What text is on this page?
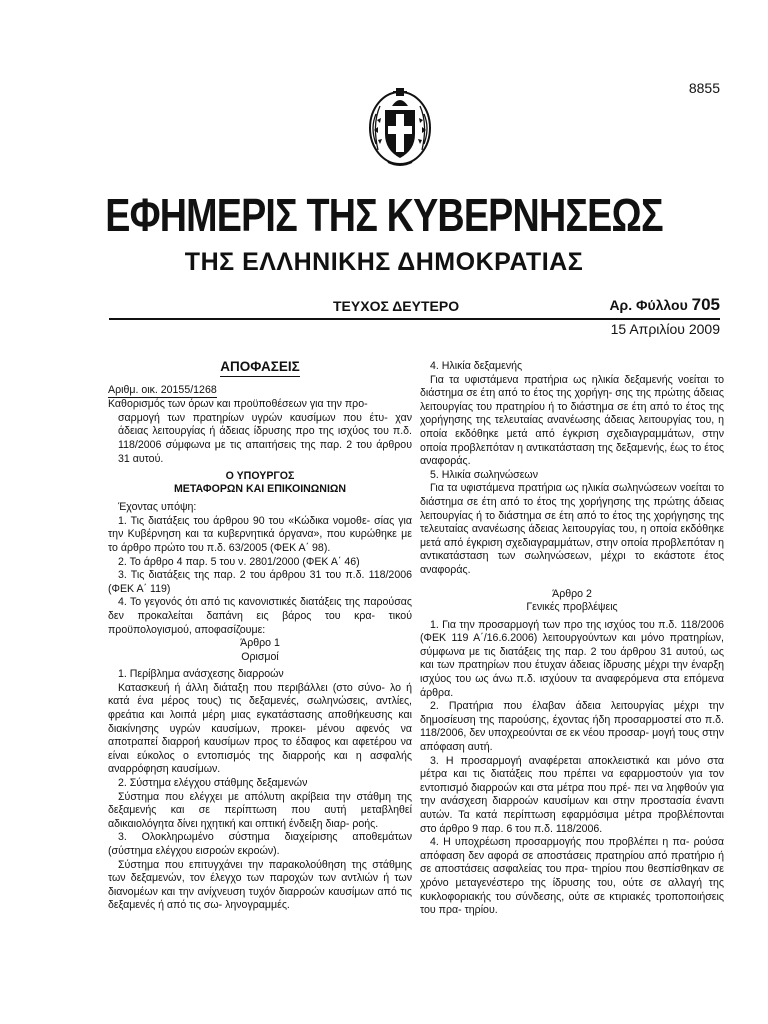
8855
ΕΦΗΜΕΡΙΣ ΤΗΣ ΚΥΒΕΡΝΗΣΕΩΣ
ΤΗΣ ΕΛΛΗΝΙΚΗΣ ΔΗΜΟΚΡΑΤΙΑΣ
ΤΕΥΧΟΣ ΔΕΥΤΕΡΟ	Αρ. Φύλλου 705
15 Απριλίου 2009
ΑΠΟΦΑΣΕΙΣ

Αριθμ. οικ. 20155/1268

Καθορισμός των όρων και προϋποθέσεων για την προ-

σαρμογή των πρατηρίων υγρών καυσίμων που έτυ- χαν άδειας λειτουργίας ή άδειας ίδρυσης προ της ισχύος του π.δ. 118/2006 σύμφωνα με τις απαιτήσεις της παρ. 2 του άρθρου 31 αυτού.

Ο ΥΠΟΥΡΓΟΣ
ΜΕΤΑΦΟΡΩΝ ΚΑΙ ΕΠΙΚΟΙΝΩΝΙΩΝ

Έχοντας υπόψη:

1. Τις διατάξεις του άρθρου 90 του «Κώδικα νομοθε- σίας για την Κυβέρνηση και τα κυβερνητικά όργανα», που κυρώθηκε με το άρθρο πρώτο του π.δ. 63/2005 (ΦΕΚ Α΄ 98).

2. Το άρθρο 4 παρ. 5 του ν. 2801/2000 (ΦΕΚ Α΄ 46)

3. Τις διατάξεις της παρ. 2 του άρθρου 31 του π.δ. 118/2006 (ΦΕΚ Α΄ 119)

4. Το γεγονός ότι από τις κανονιστικές διατάξεις της παρούσας δεν προκαλείται δαπάνη εις βάρος του κρα- τικού προϋπολογισμού, αποφασίζουμε:

Άρθρο 1

Ορισμοί

1. Περίβλημα ανάσχεσης διαρροών

Κατασκευή ή άλλη διάταξη που περιβάλλει (στο σύνο- λο ή κατά ένα μέρος τους) τις δεξαμενές, σωληνώσεις, αντλίες, φρεάτια και λοιπά μέρη μιας εγκατάστασης αποθήκευσης και διακίνησης υγρών καυσίμων, προκει- μένου αφενός να αποτραπεί διαρροή καυσίμων προς το έδαφος και αφετέρου να είναι εύκολος ο εντοπισμός της διαρροής και η ασφαλής αναρρόφηση καυσίμων.

2. Σύστημα ελέγχου στάθμης δεξαμενών

Σύστημα που ελέγχει με απόλυτη ακρίβεια την στάθμη της δεξαμενής και σε περίπτωση που αυτή μεταβληθεί αδικαιολόγητα δίνει ηχητική και οπτική ένδειξη διαρ- ροής.

3. Ολοκληρωμένο σύστημα διαχείρισης αποθεμάτων (σύστημα ελέγχου εισροών εκροών).

Σύστημα που επιτυγχάνει την παρακολούθηση της στάθμης των δεξαμενών, τον έλεγχο των παροχών των αντλιών ή των διανομέων και την ανίχνευση τυχόν διαρροών καυσίμων από τις δεξαμενές ή από τις σω- ληνογραμμές.

4. Ηλικία δεξαμενής

Για τα υφιστάμενα πρατήρια ως ηλικία δεξαμενής νοείται το διάστημα σε έτη από το έτος της χορήγη- σης της πρώτης άδειας λειτουργίας του πρατηρίου ή το διάστημα σε έτη από το έτος της χορήγησης της τελευταίας ανανέωσης άδειας λειτουργίας του, η οποία εκδόθηκε μετά από έγκριση σχεδιαγραμμάτων, στην οποία προβλεπόταν η αντικατάσταση της δεξαμενής, έως το έτος αναφοράς.

5. Ηλικία σωληνώσεων

Για τα υφιστάμενα πρατήρια ως ηλικία σωληνώσεων νοείται το διάστημα σε έτη από το έτος της χορήγησης της πρώτης άδειας λειτουργίας ή το διάστημα σε έτη από το έτος της χορήγησης της τελευταίας ανανέωσης άδειας λειτουργίας του, η οποία εκδόθηκε μετά από έγκριση σχεδιαγραμμάτων, στην οποία προβλεπόταν η αντικατάσταση των σωληνώσεων, μέχρι το εκάστοτε έτος αναφοράς.

Άρθρο 2

Γενικές προβλέψεις

1. Για την προσαρμογή των προ της ισχύος του π.δ. 118/2006 (ΦΕΚ 119 Α΄/16.6.2006) λειτουργούντων και μόνο πρατηρίων, σύμφωνα με τις διατάξεις της παρ. 2 του άρθρου 31 αυτού, ως και των πρατηρίων που έτυχαν άδειας ίδρυσης μέχρι την έναρξη ισχύος του ως άνω π.δ. ισχύουν τα αναφερόμενα στα επόμενα άρθρα.

2. Πρατήρια που έλαβαν άδεια λειτουργίας μέχρι την δημοσίευση της παρούσης, έχοντας ήδη προσαρμοστεί στο π.δ. 118/2006, δεν υποχρεούνται σε εκ νέου προσαρ- μογή τους στην απόφαση αυτή.

3. Η προσαρμογή αναφέρεται αποκλειστικά και μόνο στα μέτρα και τις διατάξεις που πρέπει να εφαρμοστούν για τον εντοπισμό διαρροών και στα μέτρα που πρέ- πει να ληφθούν για την ανάσχεση διαρροών καυσίμων και στην προστασία έναντι αυτών. Τα κατά περίπτωση εφαρμόσιμα μέτρα προβλέπονται στο άρθρο 9 παρ. 6 του π.δ. 118/2006.

4. Η υποχρέωση προσαρμογής που προβλέπει η πα- ρούσα απόφαση δεν αφορά σε αποστάσεις πρατηρίου από πρατήριο ή σε αποστάσεις ασφαλείας του πρα- τηρίου που θεσπίσθηκαν σε χρόνο μεταγενέστερο της ίδρυσης του, ούτε σε αλλαγή της κυκλοφοριακής του σύνδεσης, ούτε σε κτιριακές τροποποιήσεις του πρα- τηρίου.
